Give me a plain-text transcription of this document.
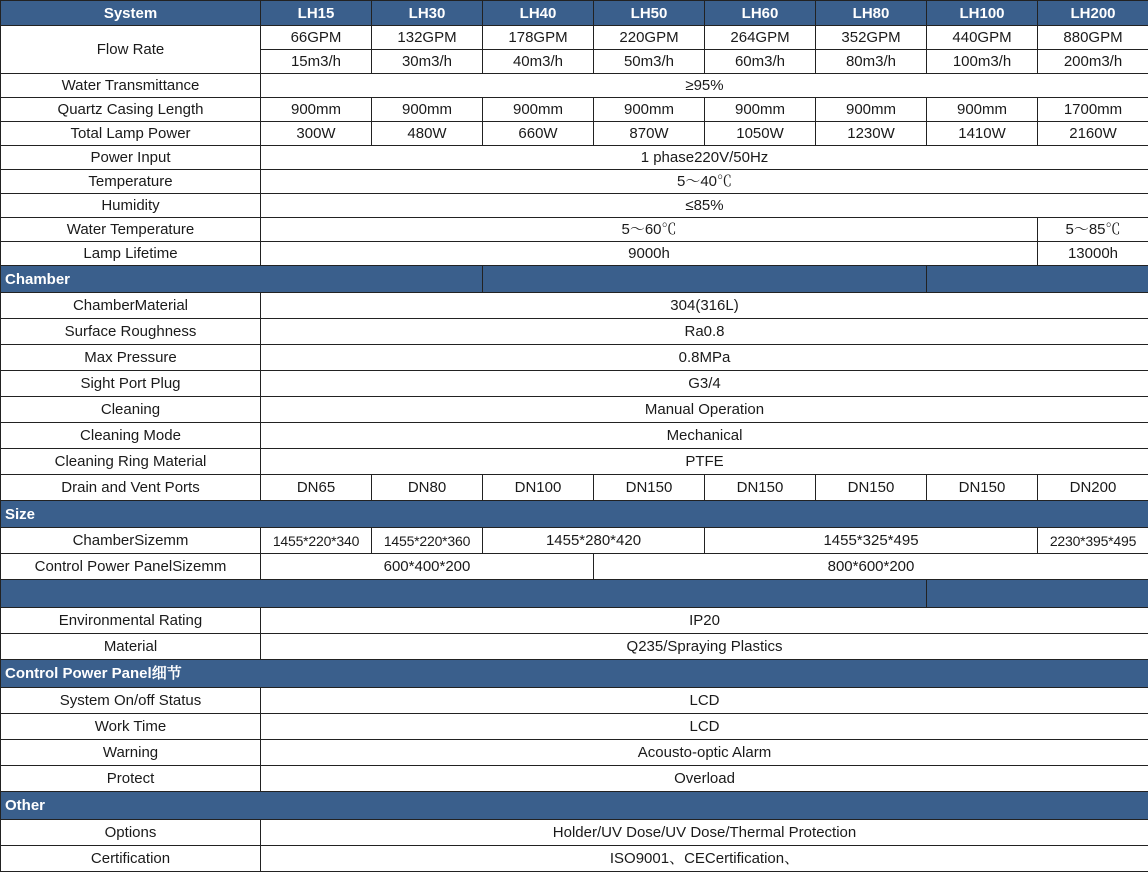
System	LH15	LH30	LH40	LH50	LH60	LH80	LH100	LH200
Flow Rate	66GPM	132GPM	178GPM	220GPM	264GPM	352GPM	440GPM	880GPM
	15m3/h	30m3/h	40m3/h	50m3/h	60m3/h	80m3/h	100m3/h	200m3/h
Water Transmittance	≥95%							
Quartz Casing Length	900mm	900mm	900mm	900mm	900mm	900mm	900mm	1700mm
Total Lamp Power	300W	480W	660W	870W	1050W	1230W	1410W	2160W
Power Input	1 phase220V/50Hz							
Temperature	5～40℃							
Humidity	≤85%							
Water Temperature	5～60℃							5～85℃
Lamp Lifetime	9000h							13000h
Chamber								
ChamberMaterial	304(316L)							
Surface Roughness	Ra0.8							
Max Pressure	0.8MPa							
Sight Port Plug	G3/4							
Cleaning	Manual Operation							
Cleaning Mode	Mechanical							
Cleaning Ring Material	PTFE							
Drain and Vent Ports	DN65	DN80	DN100	DN150	DN150	DN150	DN150	DN200
Size								
ChamberSizemm	1455*220*340	1455*220*360	1455*280*420		1455*325*495			2230*395*495
Control Power PanelSizemm	600*400*200			800*600*200				

Environmental Rating	IP20							
Material	Q235/Spraying Plastics							
Control Power Panel细节								
System On/off Status	LCD							
Work Time	LCD							
Warning	Acousto-optic Alarm							
Protect	Overload							
Other								
Options	Holder/UV Dose/UV Dose/Thermal Protection							
Certification	ISO9001、CECertification、							
